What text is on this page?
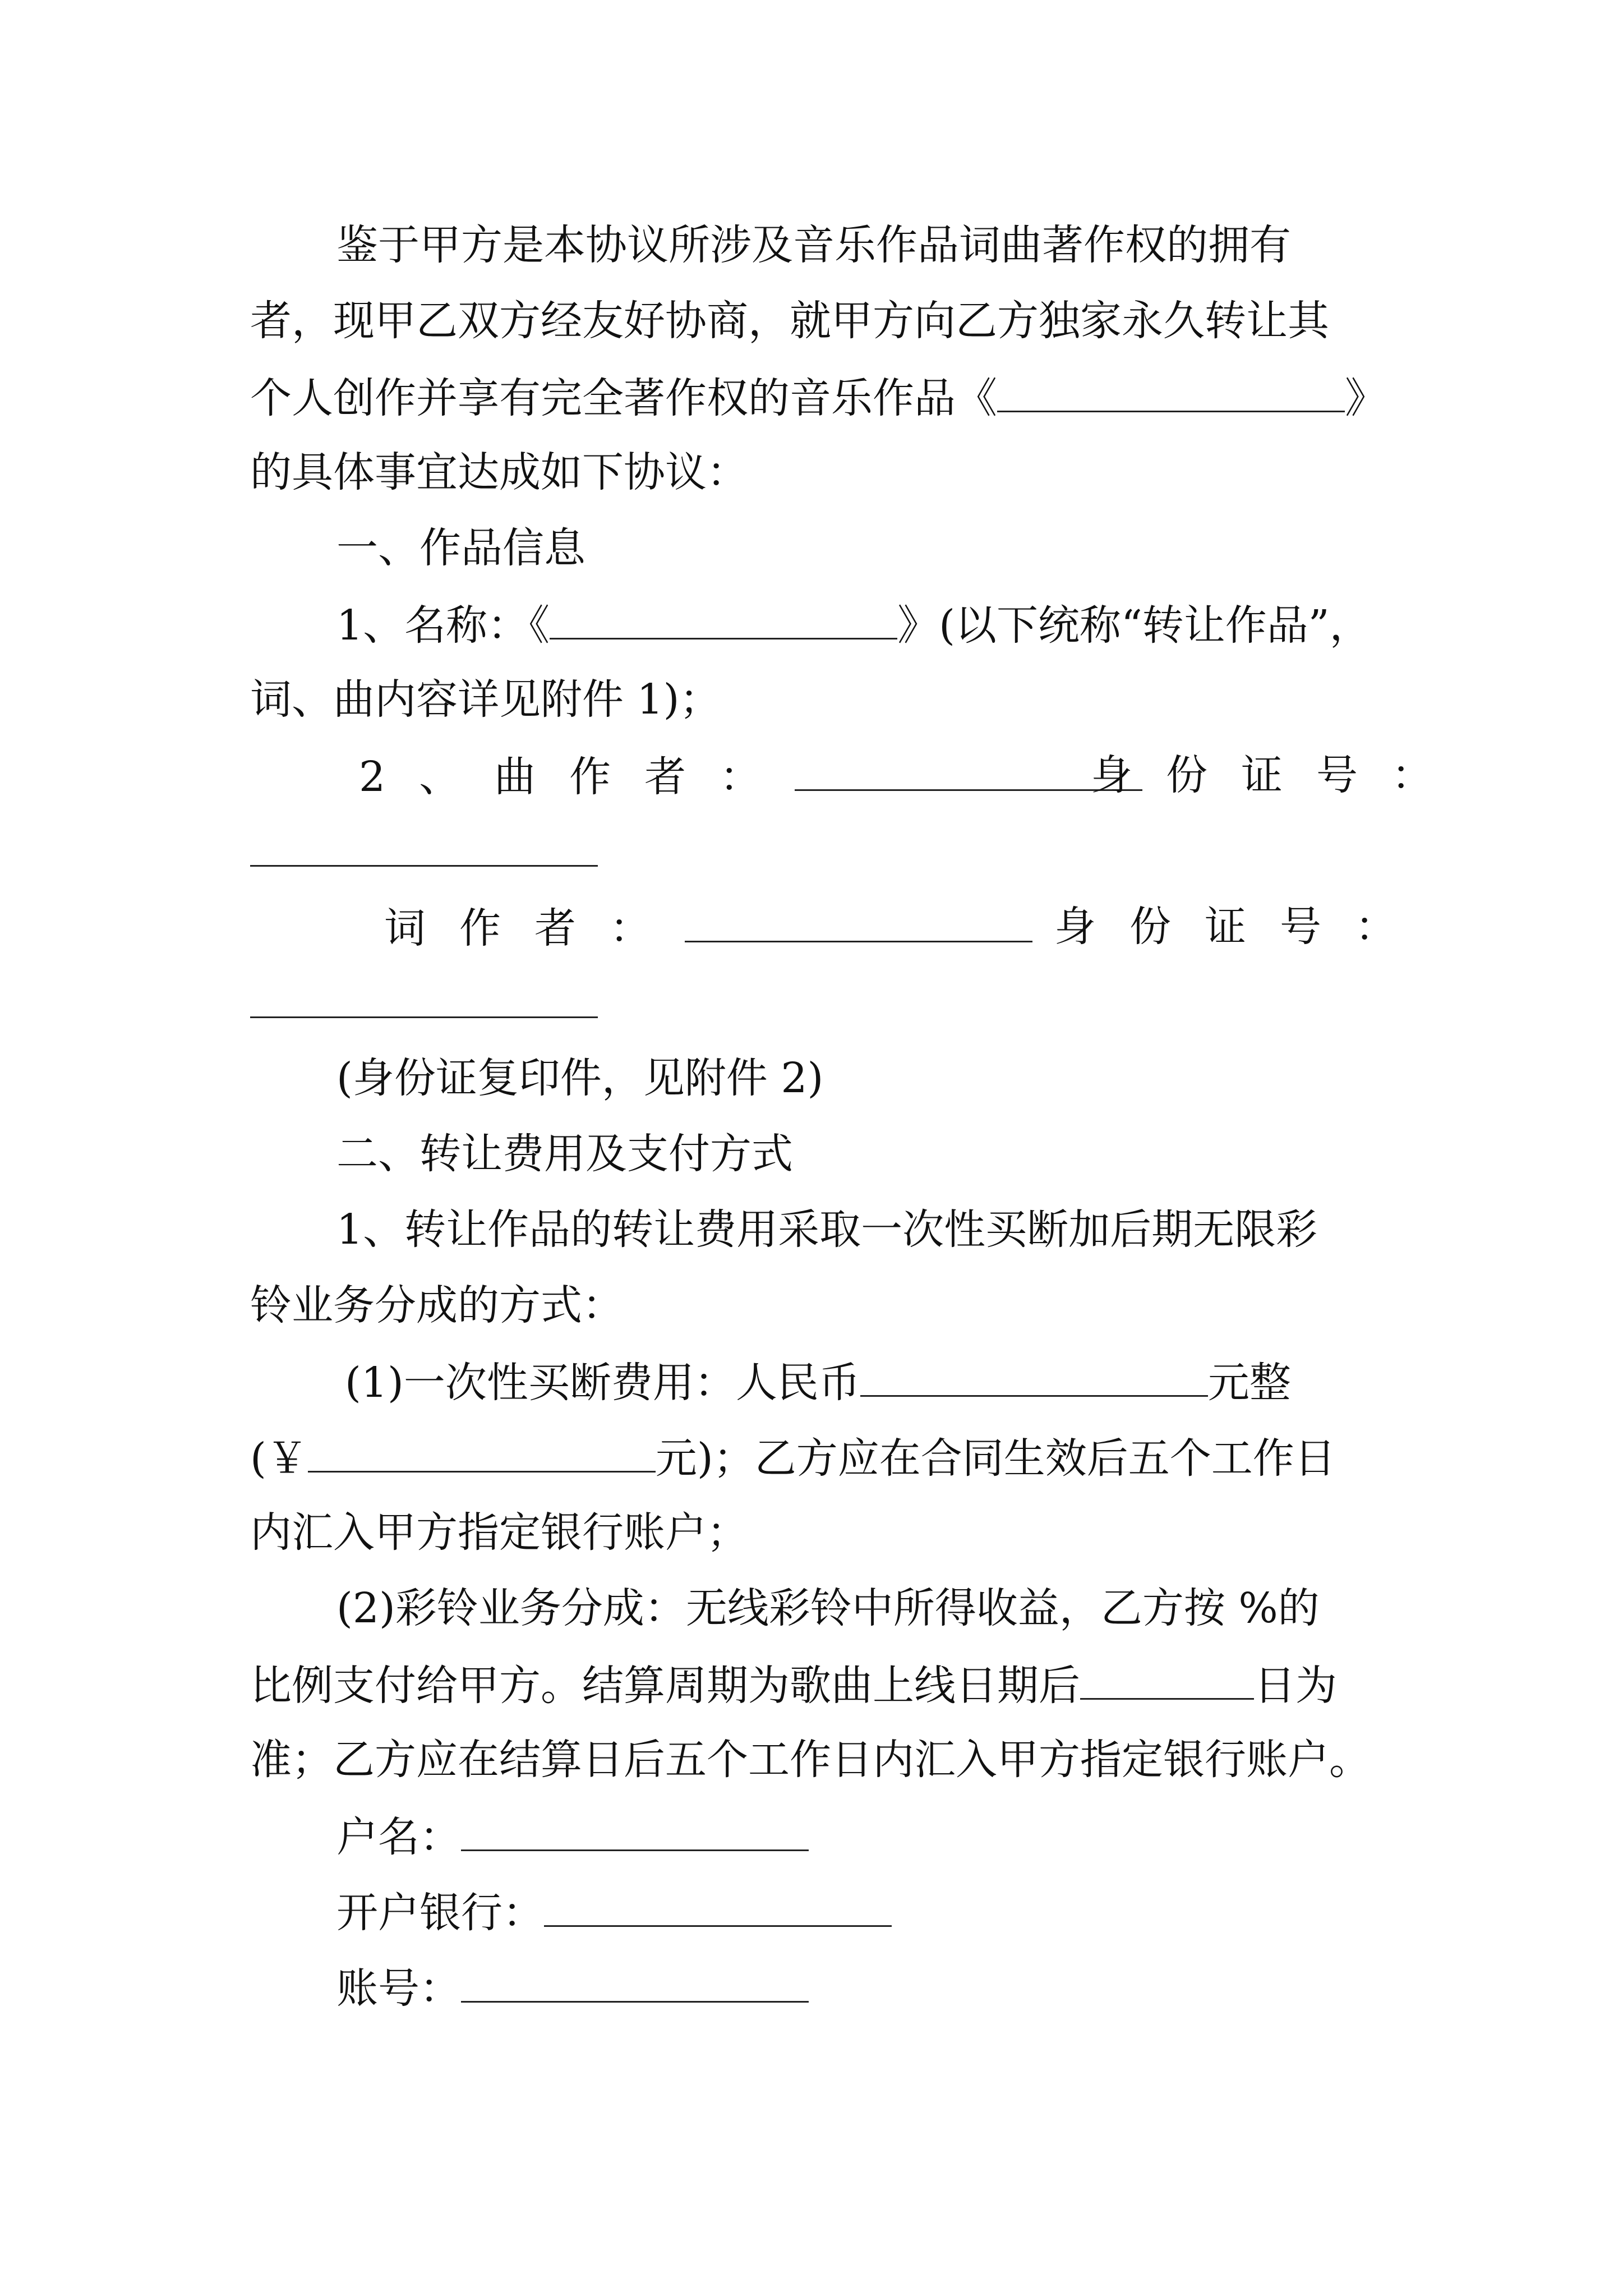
鉴于甲方是本协议所涉及音乐作品词曲著作权的拥有
者，现甲乙双方经友好协商，就甲方向乙方独家永久转让其
个人创作并享有完全著作权的音乐作品《	》
的具体事宜达成如下协议：
一、作品信息
1、名称：《	》(以下统称“转让作品”，
词、曲内容详见附件 1)；
2、曲作者：	身份证号：
词作者：	身份证号：
(身份证复印件，见附件 2)
二、转让费用及支付方式
1、转让作品的转让费用采取一次性买断加后期无限彩
铃业务分成的方式：
(1)一次性买断费用：人民币	元整
(￥	元)；乙方应在合同生效后五个工作日
内汇入甲方指定银行账户；
(2)彩铃业务分成：无线彩铃中所得收益，乙方按 %的
比例支付给甲方。结算周期为歌曲上线日期后	日为
准；乙方应在结算日后五个工作日内汇入甲方指定银行账户。
户名：
开户银行：
账号：
